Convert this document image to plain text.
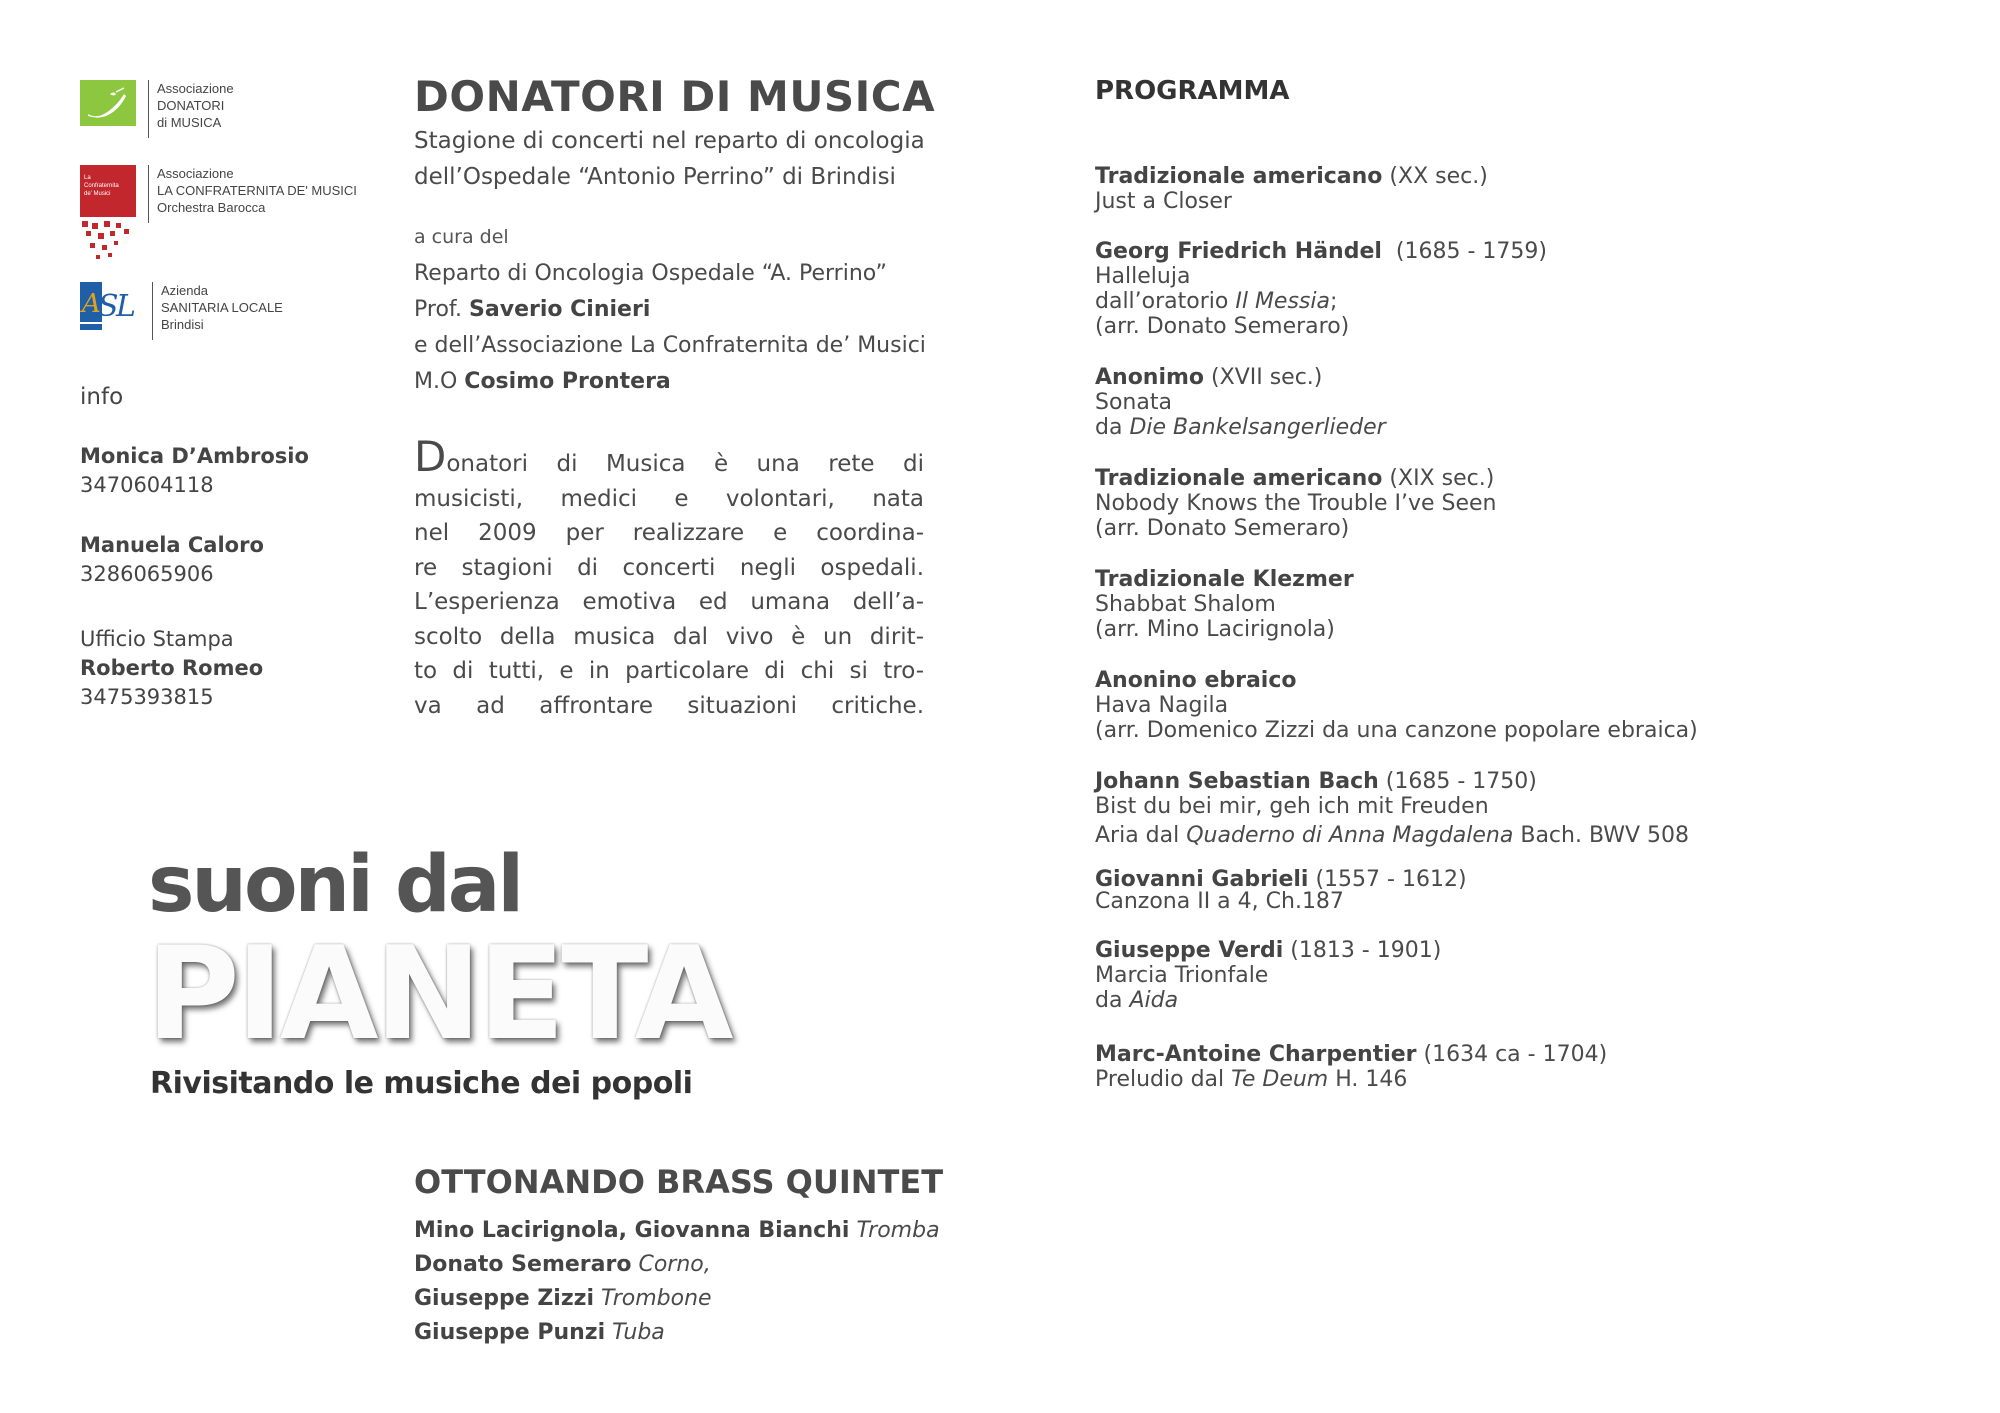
Associazione
DONATORI
di MUSICA
La
Confraternita
de' Musici
Associazione
LA CONFRATERNITA DE' MUSICI
Orchestra Barocca
A
S
L Azienda
SANITARIA LOCALE
Brindisi
info
Monica D’Ambrosio
3470604118
Manuela Caloro
3286065906
Ufficio Stampa
Roberto Romeo
3475393815
DONATORI DI MUSICA
Stagione di concerti nel reparto di oncologia
dell’Ospedale “Antonio Perrino” di Brindisi
a cura del
Reparto di Oncologia Ospedale “A. Perrino”
Prof. Saverio Cinieri
e dell’Associazione La Confraternita de’ Musici
M.O Cosimo Prontera
Donatori di Musica è una rete di
musicisti, medici e volontari, nata
nel 2009 per realizzare e coordina-
re stagioni di concerti negli ospedali.
L’esperienza emotiva ed umana dell’a-
scolto della musica dal vivo è un dirit-
to di tutti, e in particolare di chi si tro-
va ad affrontare situazioni critiche.
suoni dal
PIANETA
Rivisitando le musiche dei popoli
OTTONANDO BRASS QUINTET
Mino Lacirignola, Giovanna Bianchi Tromba
Donato Semeraro Corno,
Giuseppe Zizzi Trombone
Giuseppe Punzi Tuba
PROGRAMMA
Tradizionale americano (XX sec.)
Just a Closer
Georg Friedrich Händel  (1685 - 1759)
Halleluja
dall’oratorio Il Messia;
(arr. Donato Semeraro)
Anonimo (XVII sec.)
Sonata
da Die Bankelsangerlieder
Tradizionale americano (XIX sec.)
Nobody Knows the Trouble I’ve Seen
(arr. Donato Semeraro)
Tradizionale Klezmer
Shabbat Shalom
(arr. Mino Lacirignola)
Anonino ebraico
Hava Nagila
(arr. Domenico Zizzi da una canzone popolare ebraica)
Johann Sebastian Bach (1685 - 1750)
Bist du bei mir, geh ich mit Freuden
Aria dal Quaderno di Anna Magdalena Bach. BWV 508
Giovanni Gabrieli (1557 - 1612)
Canzona II a 4, Ch.187
Giuseppe Verdi (1813 - 1901)
Marcia Trionfale
da Aida
Marc-Antoine Charpentier (1634 ca - 1704)
Preludio dal Te Deum H. 146
